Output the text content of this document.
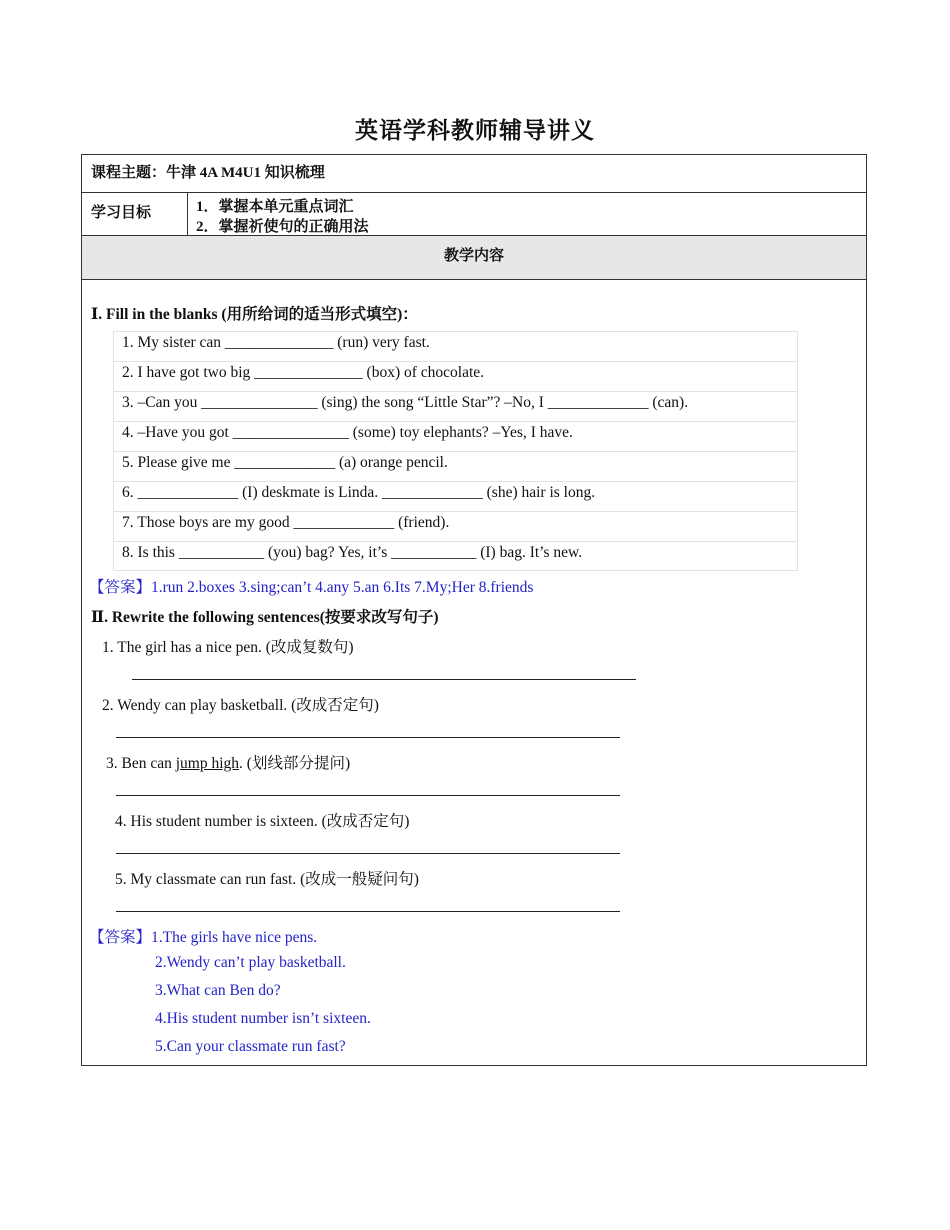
英语学科教师辅导讲义
课程主题：牛津 4A M4U1 知识梳理
学习目标	1．掌握本单元重点词汇
2．掌握祈使句的正确用法
教学内容
Ⅰ. Fill in the blanks (用所给词的适当形式填空)：
1. My sister can ______________ (run) very fast.
2. I have got two big ______________ (box) of chocolate.
3. –Can you _______________ (sing) the song “Little Star”? –No, I _____________ (can).
4. –Have you got _______________ (some) toy elephants? –Yes, I have.
5. Please give me _____________ (a) orange pencil.
6. _____________ (I) deskmate is Linda. _____________ (she) hair is long.
7. Those boys are my good _____________ (friend).
8. Is this ___________ (you) bag? Yes, it’s ___________ (I) bag. It’s new.
【答案】1.run 2.boxes 3.sing;can’t 4.any 5.an 6.Its 7.My;Her 8.friends
Ⅱ. Rewrite the following sentences(按要求改写句子)
1. The girl has a nice pen. (改成复数句)
2. Wendy can play basketball. (改成否定句)
3. Ben can jump high. (划线部分提问)
4. His student number is sixteen. (改成否定句)
5. My classmate can run fast. (改成一般疑问句)
【答案】1.The girls have nice pens.
2.Wendy can’t play basketball.
3.What can Ben do?
4.His student number isn’t sixteen.
5.Can your classmate run fast?
